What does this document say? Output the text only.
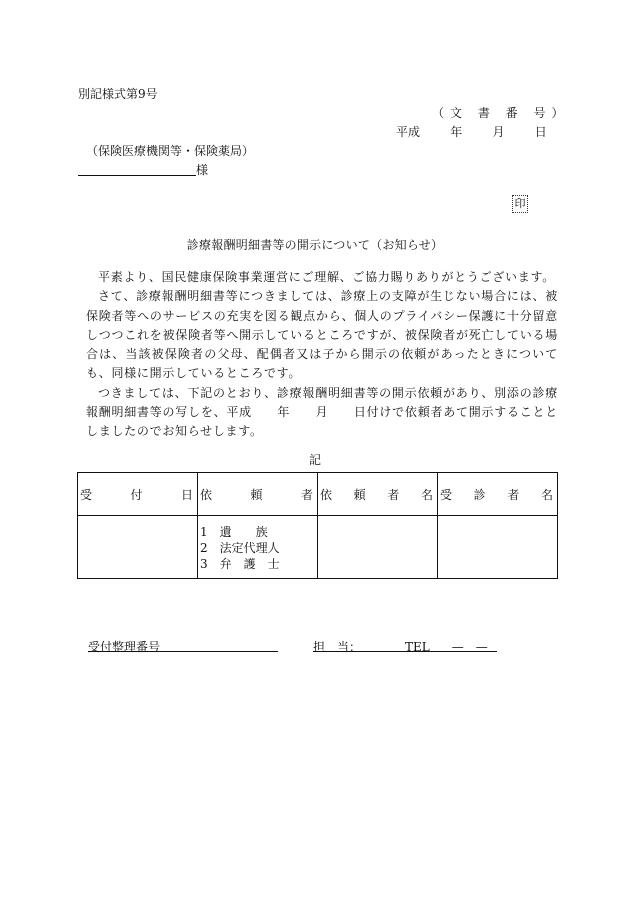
別記様式第9号
（文 書 番 号）
平成	年	月	日
（保険医療機関等・保険薬局）
様
印
診療報酬明細書等の開示について（お知らせ）

平素より、国民健康保険事業運営にご理解、ご協力賜りありがとうございます。

さて、診療報酬明細書等につきましては、診療上の支障が生じない場合には、被保険者等へのサービスの充実を図る観点から、個人のプライバシー保護に十分留意しつつこれを被保険者等へ開示しているところですが、被保険者が死亡している場合は、当該被保険者の父母、配偶者又は子から開示の依頼があったときについても、同様に開示しているところです。

つきましては、下記のとおり、診療報酬明細書等の開示依頼があり、別添の診療報酬明細書等の写しを、平成　　年　　月　　日付けで依頼者あて開示することとしましたのでお知らせします。

記
受 付 日	依 頼 者	依 頼 者 名	受 診 者 名

	1　遺　　族
2　法定代理人
3　弁　護　士		

受付整理番号	担　当：	TEL —　—
